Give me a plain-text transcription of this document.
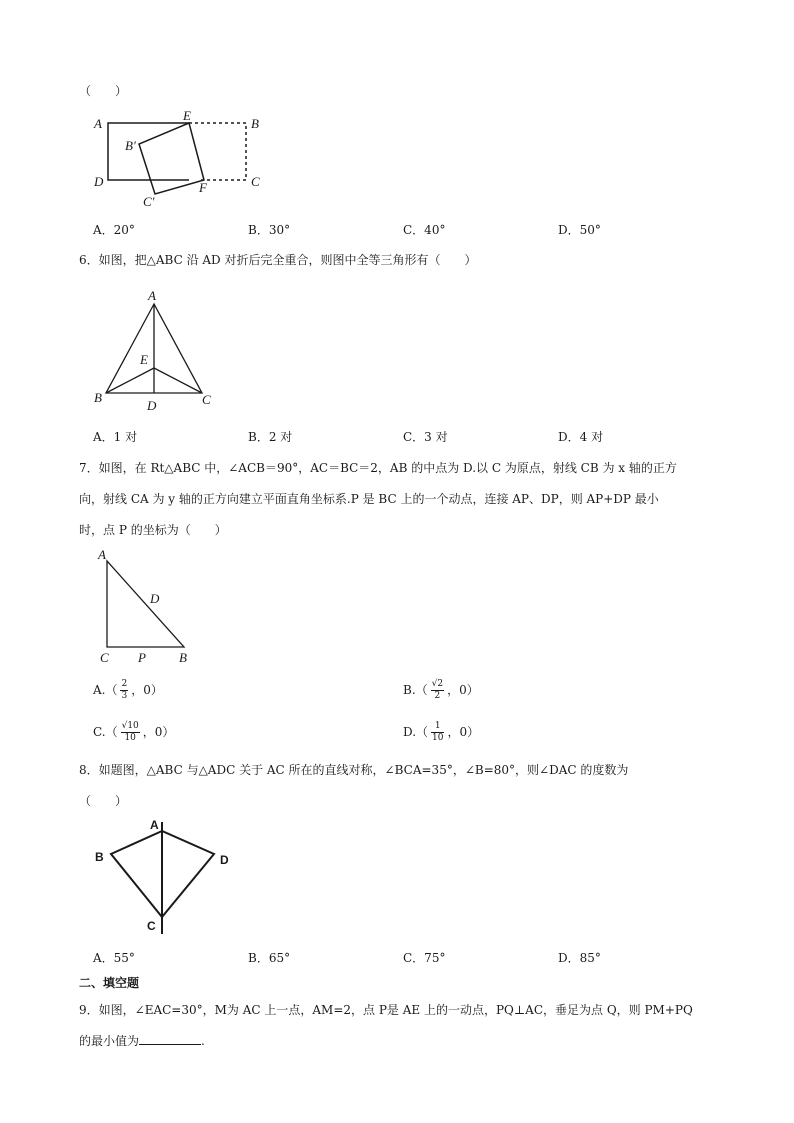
（　　）
A
E
B
B′
D
C′
F	C
A．20°	B．30°	C．40°	D．50°
6．如图，把△ABC 沿 AD 对折后完全重合，则图中全等三角形有（　　）
A
E
B
D	C
A．1 对	B．2 对	C．3 对	D．4 对
7．如图，在 Rt△ABC 中，∠ACB＝90°，AC＝BC＝2，AB 的中点为 D.以 C 为原点，射线 CB 为 x 轴的正方
向，射线 CA 为 y 轴的正方向建立平面直角坐标系.P 是 BC 上的一个动点，连接 AP、DP，则 AP+DP 最小
时，点 P 的坐标为（　　）
A
D
C P	B
$A.( \frac{2}{3}$ ，0）	$B.( \frac{√2}{2}$ ，0）
$C.( \frac{√10}{10}$ ，0）	$D.( \frac{1}{10}$ ，0）
8．如题图，△ABC 与△ADC 关于 AC 所在的直线对称，∠BCA=35°，∠B=80°，则∠DAC 的度数为
（　　）
A
B	D
C
A．55°	B．65°	C．75°	D．85°
二、填空题
9．如图，∠EAC=30°，M为 AC 上一点，AM=2，点 P是 AE 上的一动点，PQ⊥AC，垂足为点 Q，则 PM+PQ
的最小值为	.
